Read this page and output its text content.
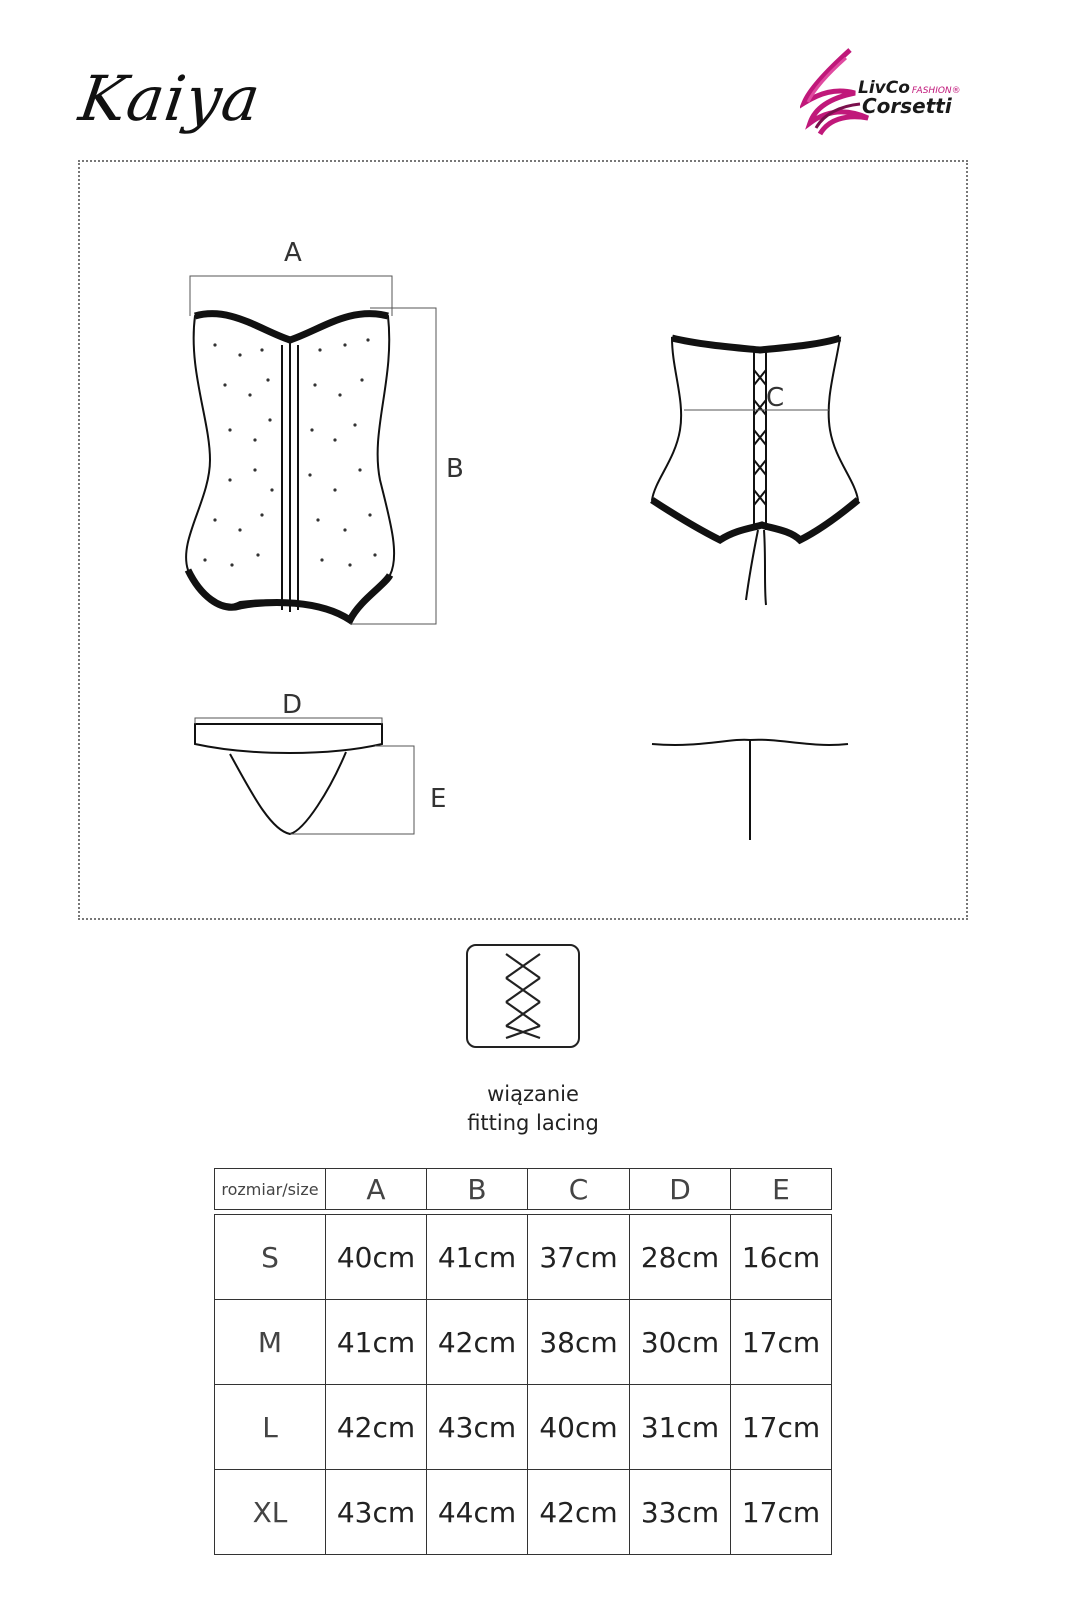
Kaiya	LivCo FASHION®
Corsetti
A
B
C
D
E
wiązanie
fitting lacing
rozmiar/size	A	B	C	D	E

S	40cm	41cm	37cm	28cm	16cm
M	41cm	42cm	38cm	30cm	17cm
L	42cm	43cm	40cm	31cm	17cm
XL	43cm	44cm	42cm	33cm	17cm
